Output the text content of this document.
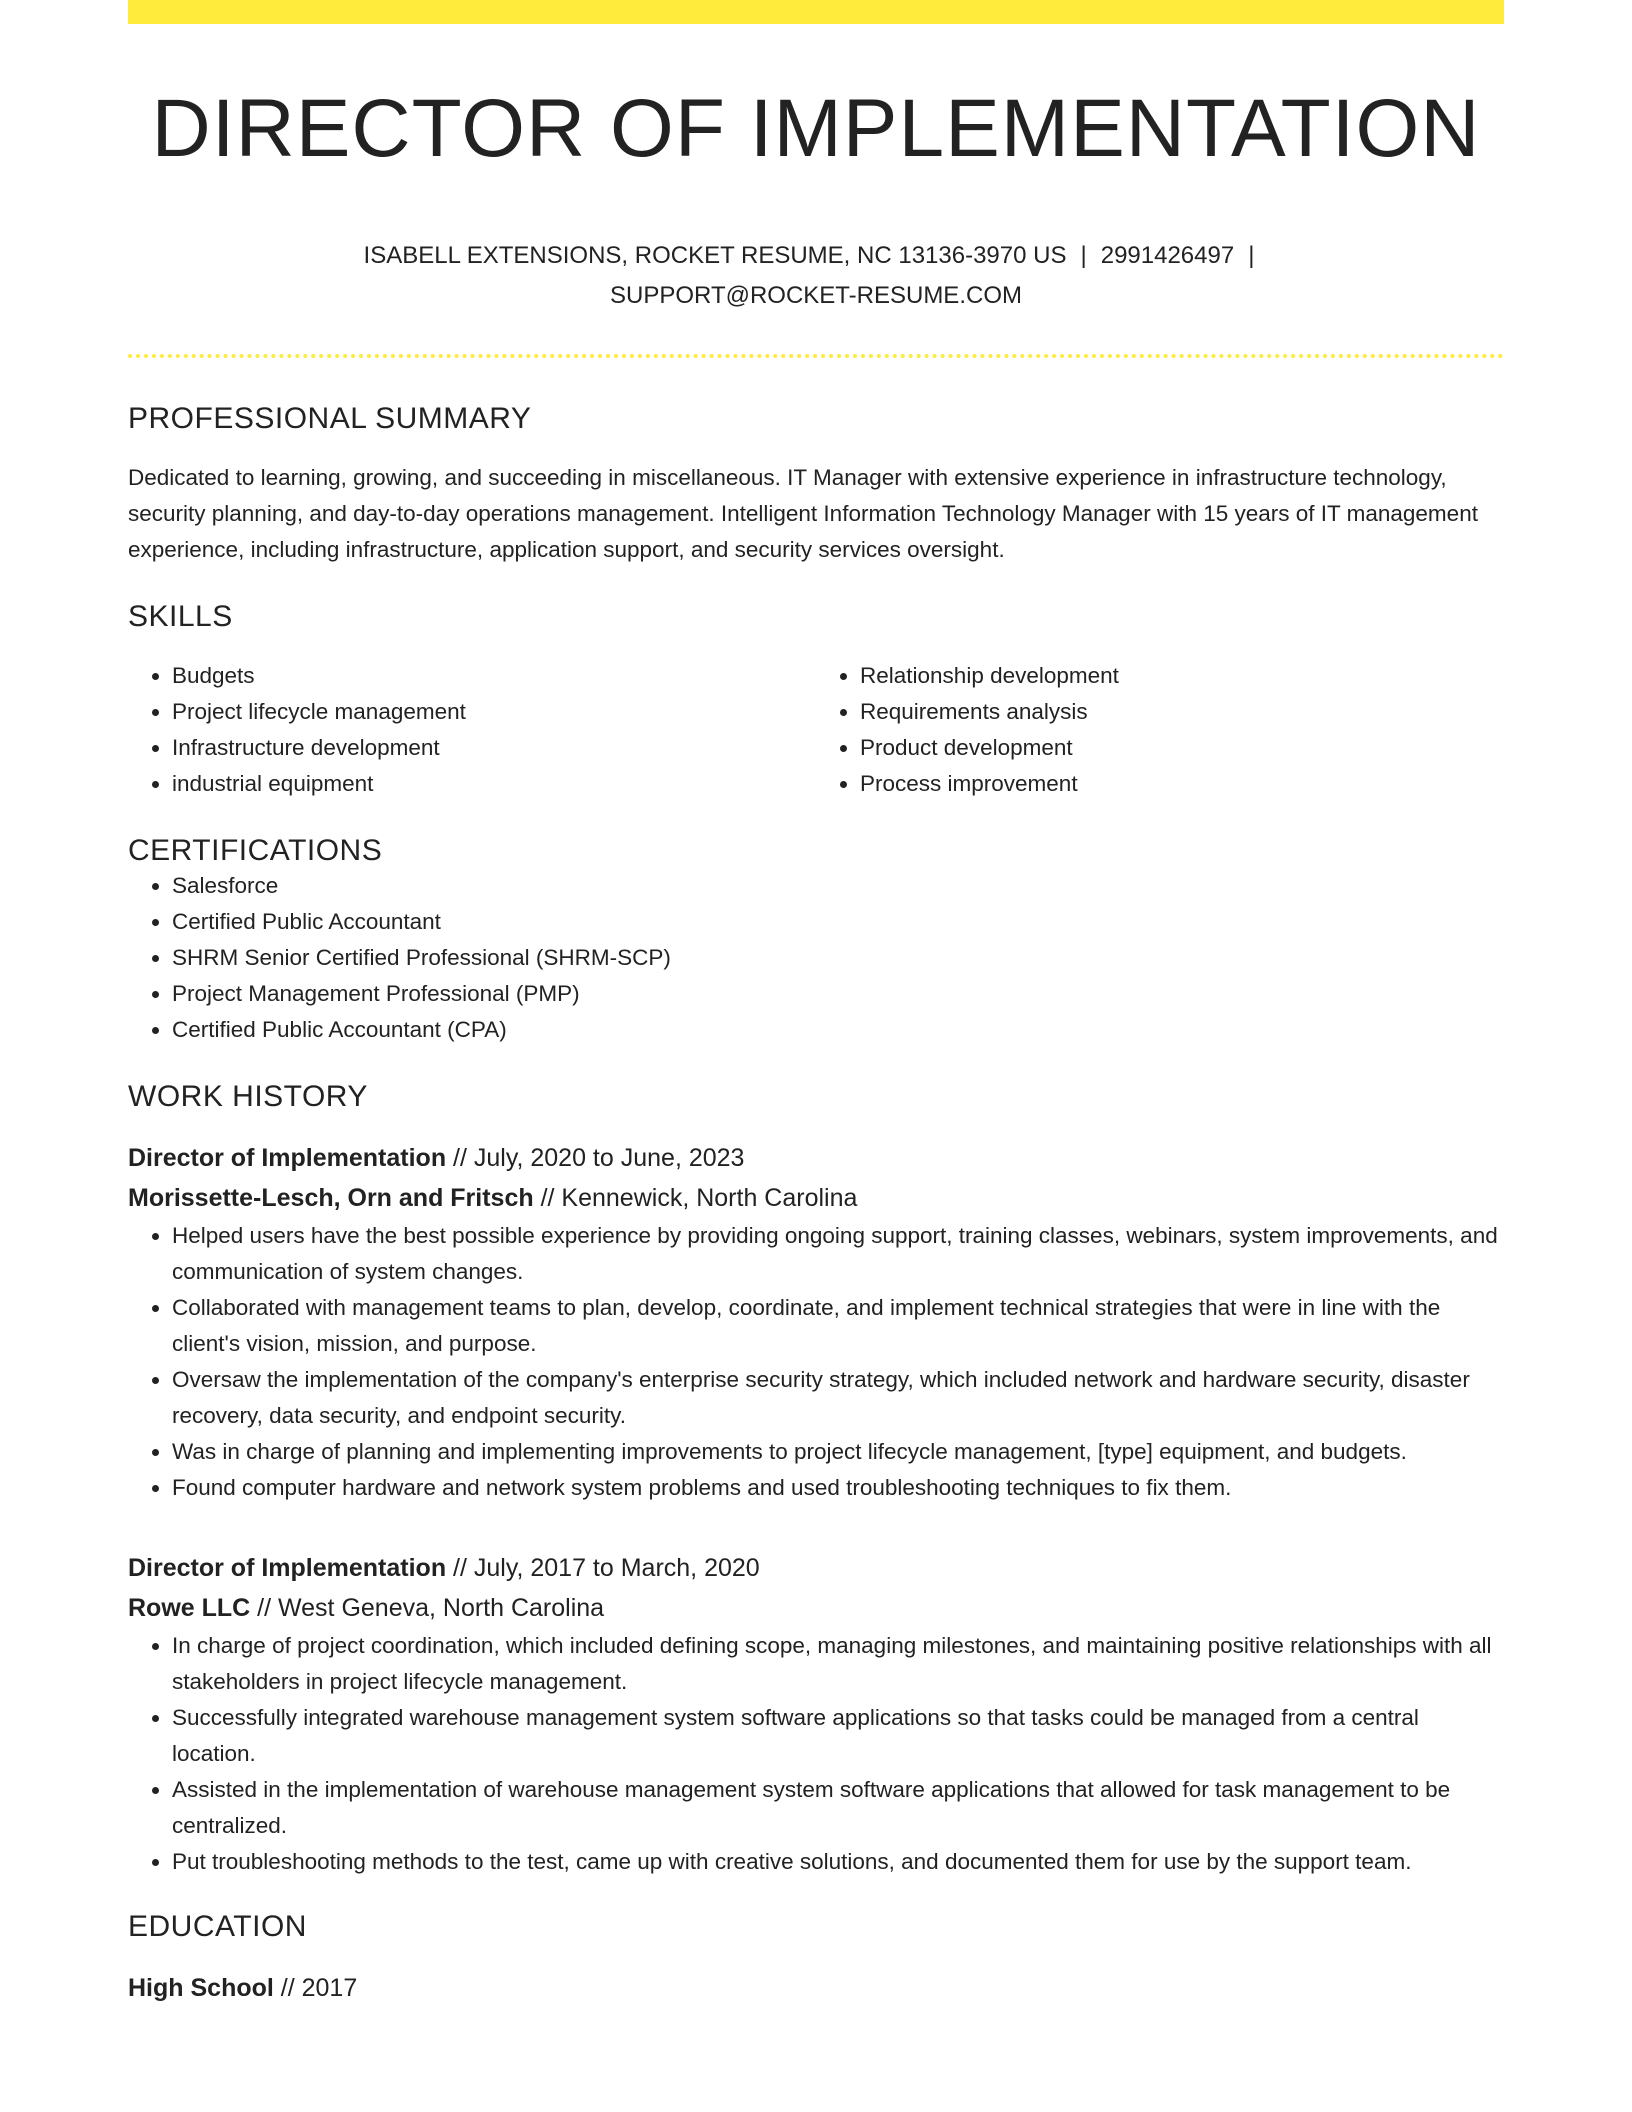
DIRECTOR OF IMPLEMENTATION
ISABELL EXTENSIONS, ROCKET RESUME, NC 13136-3970 US | 2991426497 |
SUPPORT@ROCKET-RESUME.COM
PROFESSIONAL SUMMARY
Dedicated to learning, growing, and succeeding in miscellaneous. IT Manager with extensive experience in infrastructure technology, security planning, and day-to-day operations management. Intelligent Information Technology Manager with 15 years of IT management experience, including infrastructure, application support, and security services oversight.
SKILLS
• Budgets
• Project lifecycle management
• Infrastructure development
• industrial equipment
• Relationship development
• Requirements analysis
• Product development
• Process improvement
CERTIFICATIONS
• Salesforce
• Certified Public Accountant
• SHRM Senior Certified Professional (SHRM-SCP)
• Project Management Professional (PMP)
• Certified Public Accountant (CPA)
WORK HISTORY
Director of Implementation // July, 2020 to June, 2023
Morissette-Lesch, Orn and Fritsch // Kennewick, North Carolina
• Helped users have the best possible experience by providing ongoing support, training classes, webinars, system improvements, and communication of system changes.
• Collaborated with management teams to plan, develop, coordinate, and implement technical strategies that were in line with the client's vision, mission, and purpose.
• Oversaw the implementation of the company's enterprise security strategy, which included network and hardware security, disaster recovery, data security, and endpoint security.
• Was in charge of planning and implementing improvements to project lifecycle management, [type] equipment, and budgets.
• Found computer hardware and network system problems and used troubleshooting techniques to fix them.
Director of Implementation // July, 2017 to March, 2020
Rowe LLC // West Geneva, North Carolina
• In charge of project coordination, which included defining scope, managing milestones, and maintaining positive relationships with all stakeholders in project lifecycle management.
• Successfully integrated warehouse management system software applications so that tasks could be managed from a central location.
• Assisted in the implementation of warehouse management system software applications that allowed for task management to be centralized.
• Put troubleshooting methods to the test, came up with creative solutions, and documented them for use by the support team.
EDUCATION
High School // 2017
